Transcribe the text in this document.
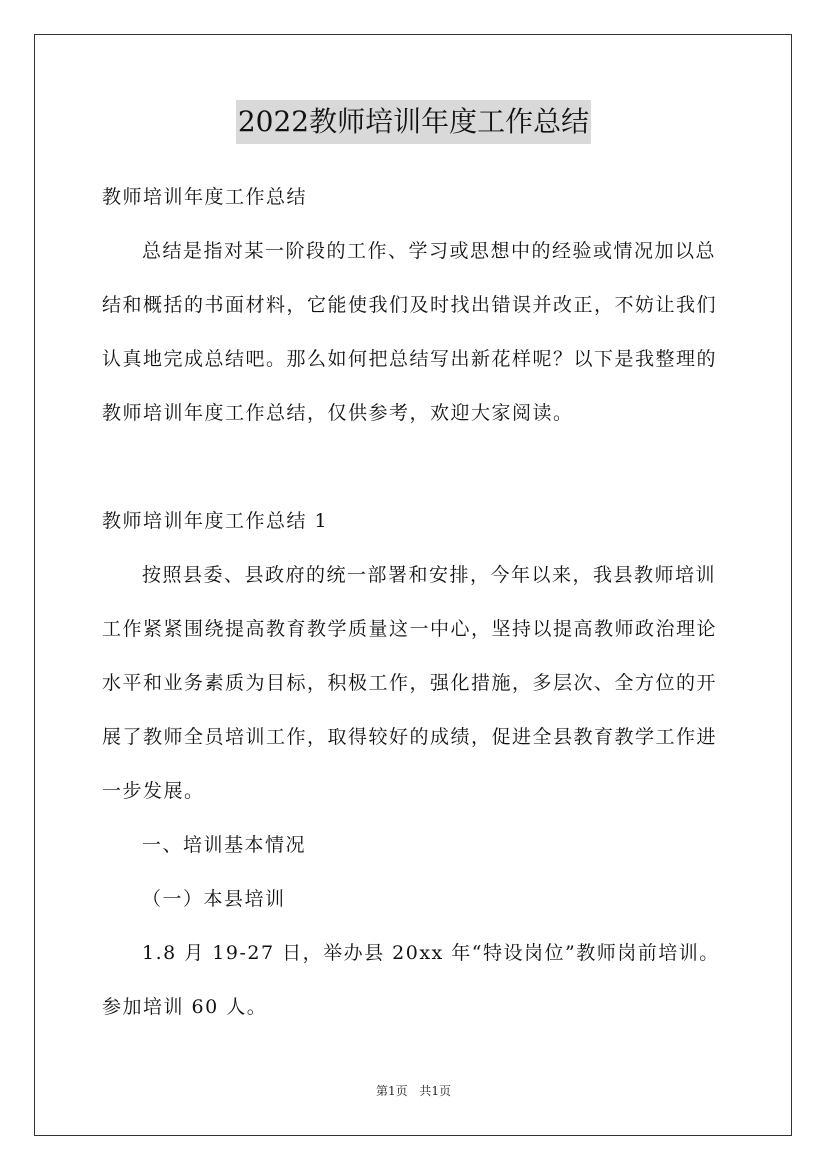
2022教师培训年度工作总结

教师培训年度工作总结

总结是指对某一阶段的工作、学习或思想中的经验或情况加以总结和概括的书面材料，它能使我们及时找出错误并改正，不妨让我们认真地完成总结吧。那么如何把总结写出新花样呢？以下是我整理的教师培训年度工作总结，仅供参考，欢迎大家阅读。

教师培训年度工作总结 1

按照县委、县政府的统一部署和安排，今年以来，我县教师培训工作紧紧围绕提高教育教学质量这一中心，坚持以提高教师政治理论水平和业务素质为目标，积极工作，强化措施，多层次、全方位的开展了教师全员培训工作，取得较好的成绩，促进全县教育教学工作进一步发展。

一、培训基本情况

（一）本县培训

1.8 月 19-27 日，举办县 20xx 年“特设岗位”教师岗前培训。参加培训 60 人。

第1页 共1页
